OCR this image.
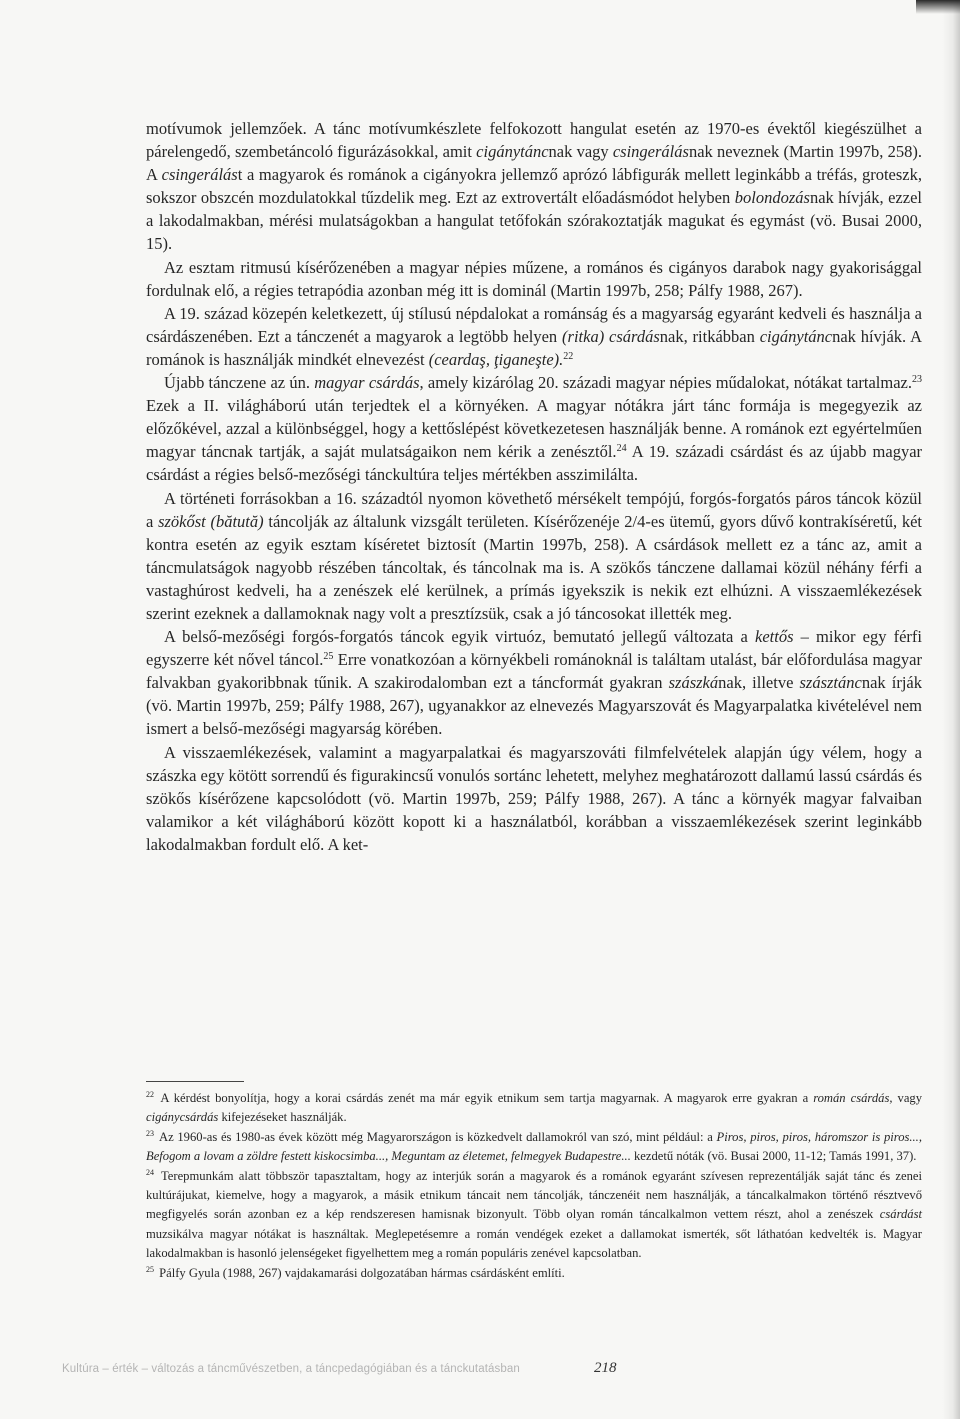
motívumok jellemzőek. A tánc motívumkészlete felfokozott hangulat esetén az 1970-es évektől kiegészülhet a párelengedő, szembetáncoló figurázásokkal, amit cigánytáncnak vagy csingerálásnak neveznek (Martin 1997b, 258). A csingerálást a magyarok és románok a cigányokra jellemző aprózó lábfigurák mellett leginkább a tréfás, groteszk, sokszor obszcén mozdulatokkal tűzdelik meg. Ezt az extrovertált előadásmódot helyben bolondozásnak hívják, ezzel a lakodalmakban, mérési mulatságokban a hangulat tetőfokán szórakoztatják magukat és egymást (vö. Busai 2000, 15).

Az esztam ritmusú kísérőzenében a magyar népies műzene, a romános és cigányos darabok nagy gyakorisággal fordulnak elő, a régies tetrapódia azonban még itt is dominál (Martin 1997b, 258; Pálfy 1988, 267).

A 19. század közepén keletkezett, új stílusú népdalokat a románság és a magyarság egyaránt kedveli és használja a csárdászenében. Ezt a tánczenét a magyarok a legtöbb helyen (ritka) csárdásnak, ritkábban cigánytáncnak hívják. A románok is használják mindkét elnevezést (ceardaş, ţiganeşte).$^{22}$

Újabb tánczene az ún. magyar csárdás, amely kizárólag 20. századi magyar népies műdalokat, nótákat tartalmaz.$^{23}$ Ezek a II. világháború után terjedtek el a környéken. A magyar nótákra járt tánc formája is megegyezik az előzőkével, azzal a különbséggel, hogy a kettőslépést következetesen használják benne. A románok ezt egyértelműen magyar táncnak tartják, a saját mulatságaikon nem kérik a zenésztől.$^{24}$ A 19. századi csárdást és az újabb magyar csárdást a régies belső-mezőségi tánckultúra teljes mértékben asszimilálta.

A történeti forrásokban a 16. századtól nyomon követhető mérsékelt tempójú, forgós-forgatós páros táncok közül a szökőst (bătută) táncolják az általunk vizsgált területen. Kísérőzenéje 2/4-es ütemű, gyors dűvő kontrakíséretű, két kontra esetén az egyik esztam kíséretet biztosít (Martin 1997b, 258). A csárdások mellett ez a tánc az, amit a táncmulatságok nagyobb részében táncoltak, és táncolnak ma is. A szökős tánczene dallamai közül néhány férfi a vastaghúrost kedveli, ha a zenészek elé kerülnek, a prímás igyekszik is nekik ezt elhúzni. A visszaemlékezések szerint ezeknek a dallamoknak nagy volt a presztízsük, csak a jó táncosokat illették meg.

A belső-mezőségi forgós-forgatós táncok egyik virtuóz, bemutató jellegű változata a kettős – mikor egy férfi egyszerre két nővel táncol.$^{25}$ Erre vonatkozóan a környékbeli románoknál is találtam utalást, bár előfordulása magyar falvakban gyakoribbnak tűnik. A szakirodalomban ezt a táncformát gyakran szászkának, illetve szásztáncnak írják (vö. Martin 1997b, 259; Pálfy 1988, 267), ugyanakkor az elnevezés Magyarszovát és Magyarpalatka kivételével nem ismert a belső-mezőségi magyarság körében.

A visszaemlékezések, valamint a magyarpalatkai és magyarszováti filmfelvételek alapján úgy vélem, hogy a szászka egy kötött sorrendű és figurakincsű vonulós sortánc lehetett, melyhez meghatározott dallamú lassú csárdás és szökős kísérőzene kapcsolódott (vö. Martin 1997b, 259; Pálfy 1988, 267). A tánc a környék magyar falvaiban valamikor a két világháború között kopott ki a használatból, korábban a visszaemlékezések szerint leginkább lakodalmakban fordult elő. A ket-

$^{22}$ A kérdést bonyolítja, hogy a korai csárdás zenét ma már egyik etnikum sem tartja magyarnak. A magyarok erre gyakran a román csárdás, vagy cigánycsárdás kifejezéseket használják.

$^{23}$ Az 1960-as és 1980-as évek között még Magyarországon is közkedvelt dallamokról van szó, mint például: a Piros, piros, piros, háromszor is piros..., Befogom a lovam a zöldre festett kiskocsimba..., Meguntam az életemet, felmegyek Budapestre... kezdetű nóták (vö. Busai 2000, 11-12; Tamás 1991, 37).

$^{24}$ Terepmunkám alatt többször tapasztaltam, hogy az interjúk során a magyarok és a románok egyaránt szívesen reprezentálják saját tánc és zenei kultúrájukat, kiemelve, hogy a magyarok, a másik etnikum táncait nem táncolják, tánczenéit nem használják, a táncalkalmakon történő résztvevő megfigyelés során azonban ez a kép rendszeresen hamisnak bizonyult. Több olyan román táncalkalmon vettem részt, ahol a zenészek csárdást muzsikálva magyar nótákat is használtak. Meglepetésemre a román vendégek ezeket a dallamokat ismerték, sőt láthatóan kedvelték is. Magyar lakodalmakban is hasonló jelenségeket figyelhettem meg a román populáris zenével kapcsolatban.

$^{25}$ Pálfy Gyula (1988, 267) vajdakamarási dolgozatában hármas csárdásként említi.

Kultúra – érték – változás a táncművészetben, a táncpedagógiában és a tánckutatásban	218
